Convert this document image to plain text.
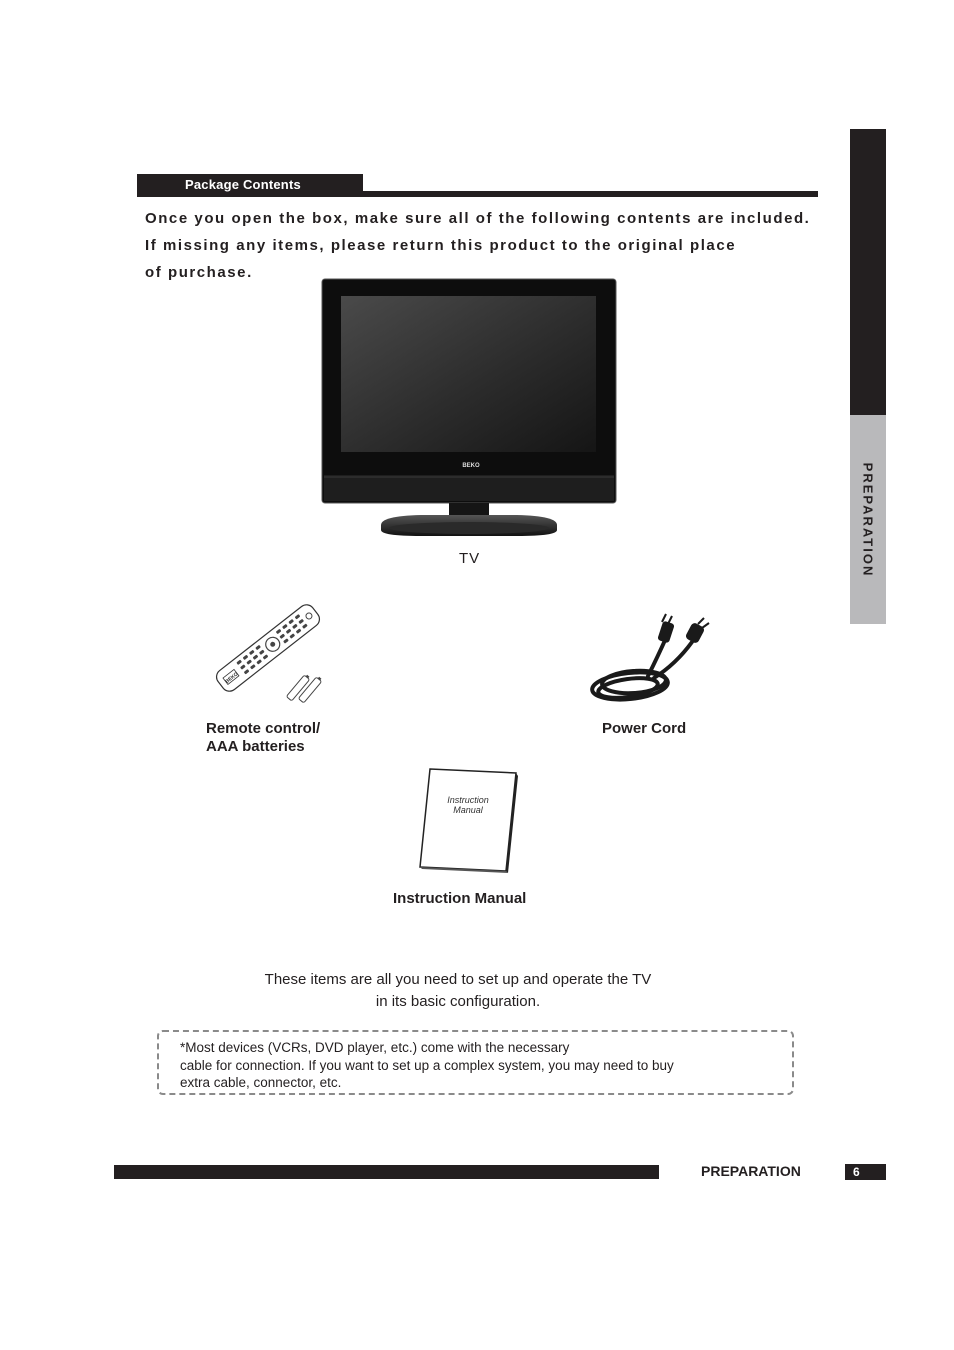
PREPARATION
Package Contents
Once you open the box, make sure all of the following contents are included.
If missing any items, please return this product to the original place
of purchase.
BEKO
TV
BEKO
Remote control/
AAA batteries
Power Cord
Instruction
Manual
Instruction Manual
These items are all you need to set up and operate the TV
in its basic configuration.
*Most devices (VCRs, DVD player, etc.) come with the necessary
cable for connection. If you want to set up a complex system, you may need to buy
extra cable, connector, etc.
PREPARATION	6
